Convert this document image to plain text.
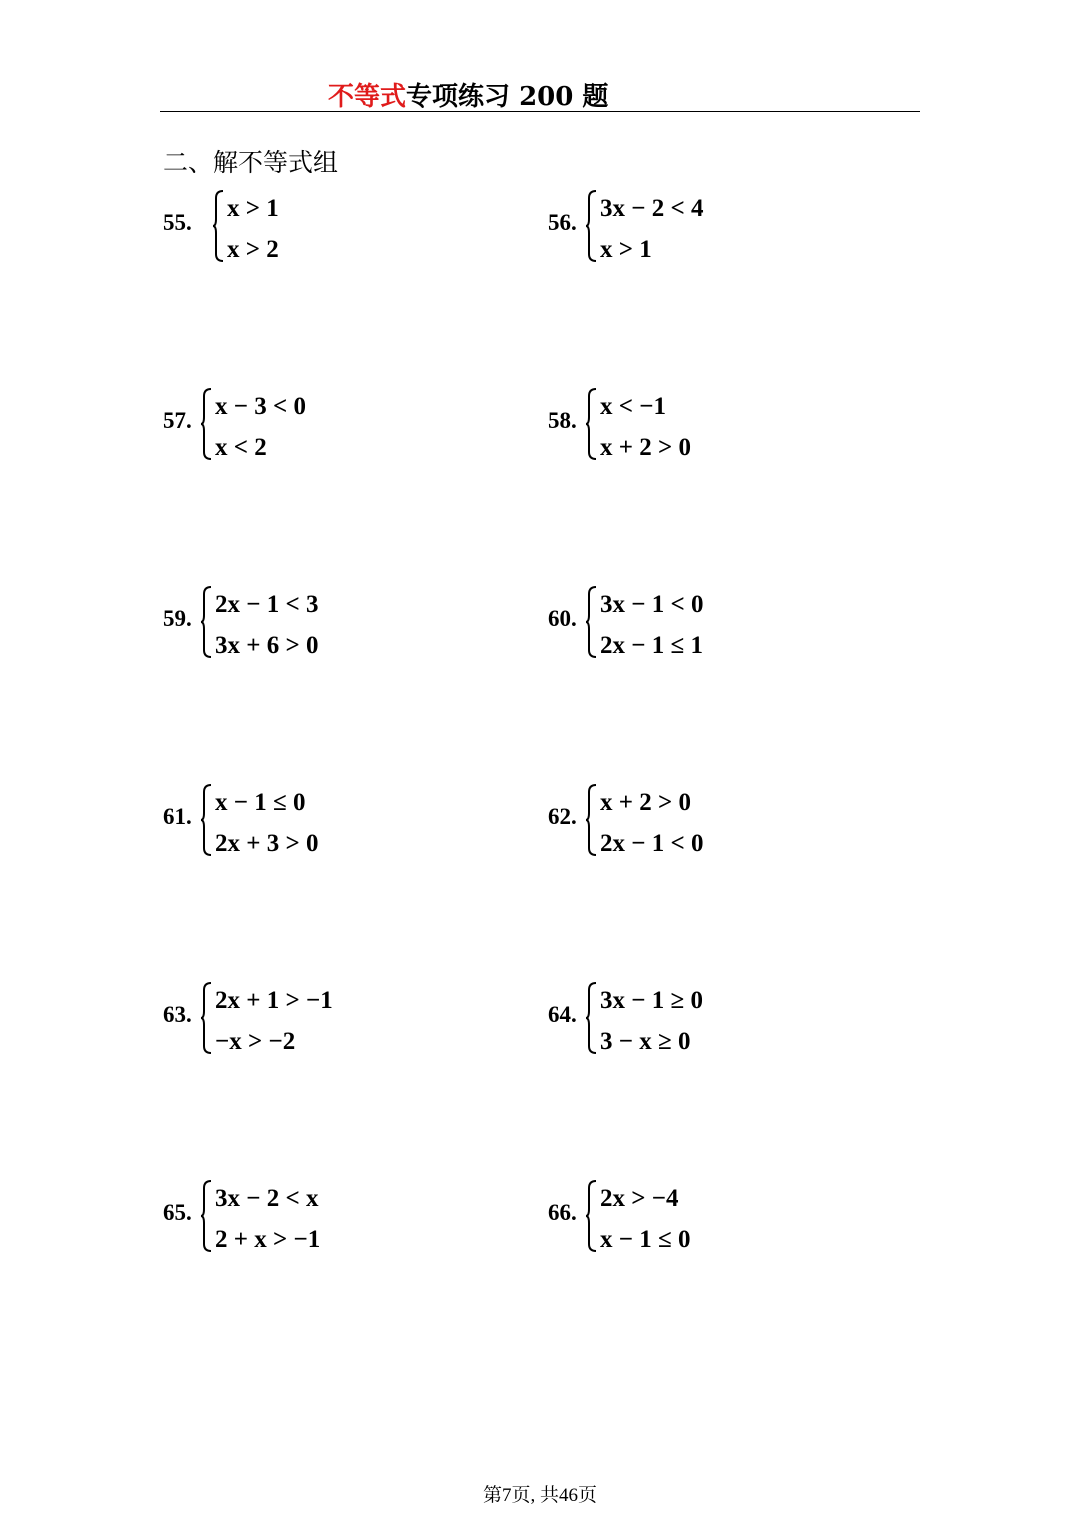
不等式专项练习 200 题
二、解不等式组
55.
x > 1
x > 2
56.
3x − 2 < 4
x > 1
57.
x − 3 < 0
x < 2
58.
x < −1
x + 2 > 0
59.
2x − 1 < 3
3x + 6 > 0
60.
3x − 1 < 0
2x − 1 ≤ 1
61.
x − 1 ≤ 0
2x + 3 > 0
62.
x + 2 > 0
2x − 1 < 0
63.
2x + 1 > −1
−x > −2
64.
3x − 1 ≥ 0
3 − x ≥ 0
65.
3x − 2 < x
2 + x > −1
66.
2x > −4
x − 1 ≤ 0
第7页, 共46页
